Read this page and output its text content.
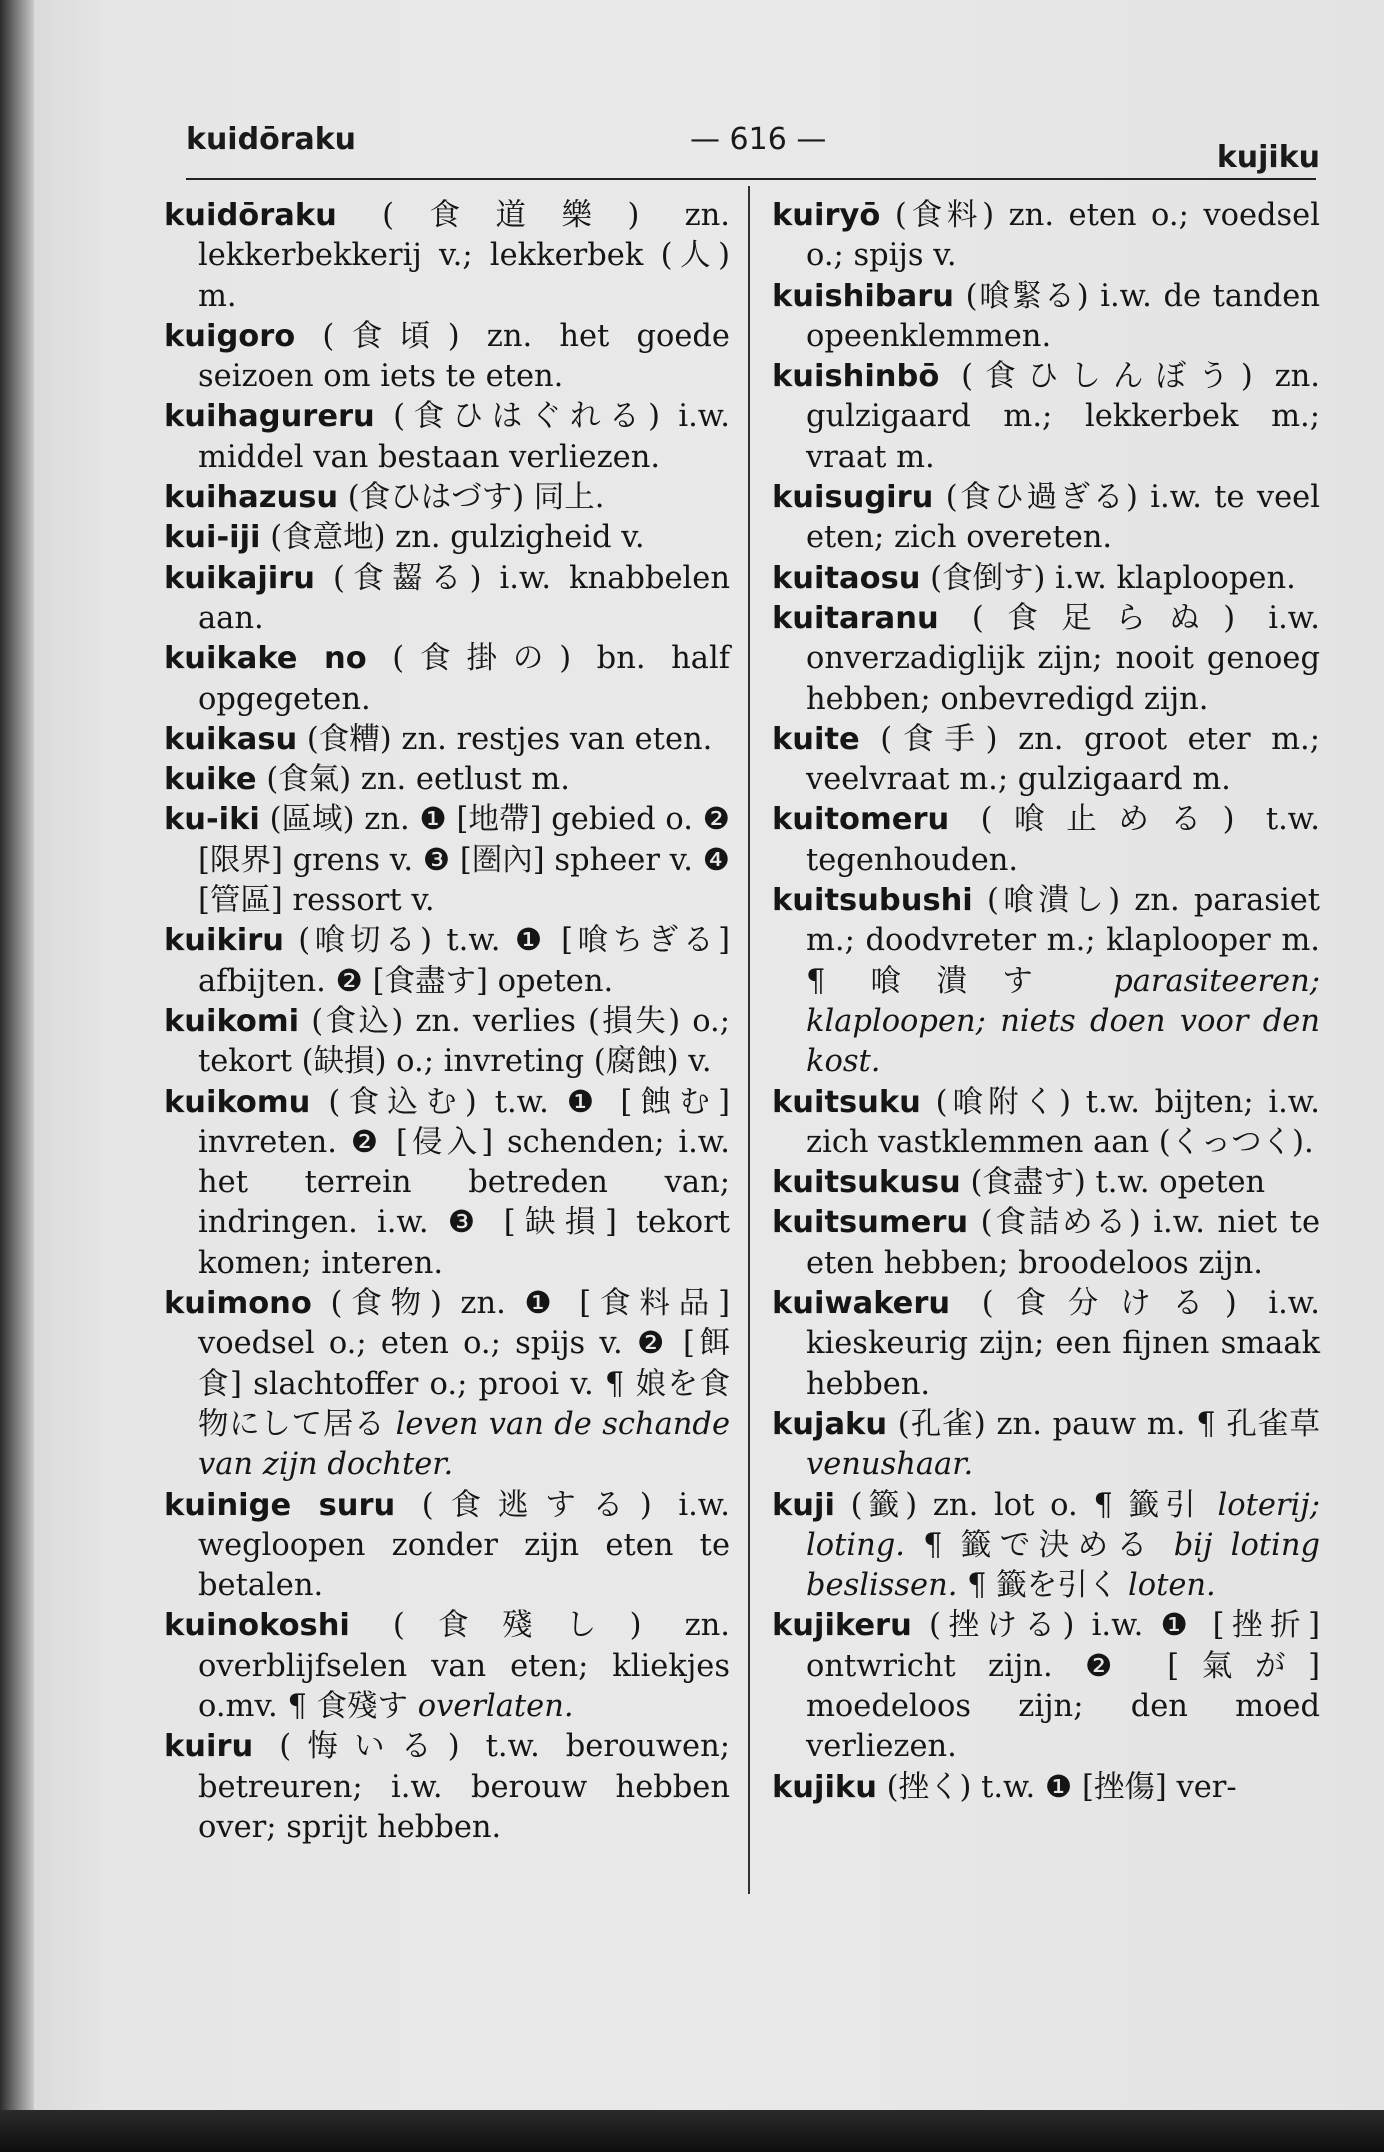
kuidōraku	— 616 —
kujiku

kuidōraku (食道樂) zn. lekkerbekkerij v.; lekkerbek (人) m.

kuigoro (食頃) zn. het goede seizoen om iets te eten.

kuihagureru (食ひはぐれる) i.w. middel van bestaan verliezen.

kuihazusu (食ひはづす) 同上.

kui-iji (食意地) zn. gulzigheid v.

kuikajiru (食齧る) i.w. knabbelen aan.

kuikake no (食掛の) bn. half opgegeten.

kuikasu (食糟) zn. restjes van eten.

kuike (食氣) zn. eetlust m.

ku-iki (區域) zn. ❶ [地帶] gebied o. ❷ [限界] grens v. ❸ [圏內] spheer v. ❹ [管區] ressort v.

kuikiru (喰切る) t.w. ❶ [喰ちぎる] afbijten. ❷ [食盡す] opeten.

kuikomi (食込) zn. verlies (損失) o.; tekort (缺損) o.; invreting (腐蝕) v.

kuikomu (食込む) t.w. ❶ [蝕む] invreten. ❷ [侵入] schenden; i.w. het terrein betreden van; indringen. i.w. ❸ [缺損] tekort komen; interen.

kuimono (食物) zn. ❶ [食料品] voedsel o.; eten o.; spijs v. ❷ [餌食] slachtoffer o.; prooi v. ¶ 娘を食物にして居る leven van de schande van zijn dochter.

kuinige suru (食逃する) i.w. wegloopen zonder zijn eten te betalen.

kuinokoshi (食殘し) zn. overblijfselen van eten; kliekjes o.mv. ¶ 食殘す overlaten.

kuiru (悔いる) t.w. berouwen; betreuren; i.w. berouw hebben over; sprijt hebben.

kuiryō (食料) zn. eten o.; voedsel o.; spijs v.

kuishibaru (喰緊る) i.w. de tanden opeenklemmen.

kuishinbō (食ひしんぼう) zn. gulzigaard m.; lekkerbek m.; vraat m.

kuisugiru (食ひ過ぎる) i.w. te veel eten; zich overeten.

kuitaosu (食倒す) i.w. klaploopen.

kuitaranu (食足らぬ) i.w. onverzadiglijk zijn; nooit genoeg hebben; onbevredigd zijn.

kuite (食手) zn. groot eter m.; veelvraat m.; gulzigaard m.

kuitomeru (喰止める) t.w. tegenhouden.

kuitsubushi (喰潰し) zn. parasiet m.; doodvreter m.; klaplooper m. ¶ 喰潰す parasiteeren; klaploopen; niets doen voor den kost.

kuitsuku (喰附く) t.w. bijten; i.w. zich vastklemmen aan (くっつく).

kuitsukusu (食盡す) t.w. opeten

kuitsumeru (食詰める) i.w. niet te eten hebben; broodeloos zijn.

kuiwakeru (食分ける) i.w. kieskeurig zijn; een fijnen smaak hebben.

kujaku (孔雀) zn. pauw m. ¶ 孔雀草 venushaar.

kuji (籤) zn. lot o. ¶ 籤引 loterij; loting. ¶ 籤で決める bij loting beslissen. ¶ 籤を引く loten.

kujikeru (挫ける) i.w. ❶ [挫折] ontwricht zijn. ❷ [氣が] moedeloos zijn; den moed verliezen.

kujiku (挫く) t.w. ❶ [挫傷] ver-
